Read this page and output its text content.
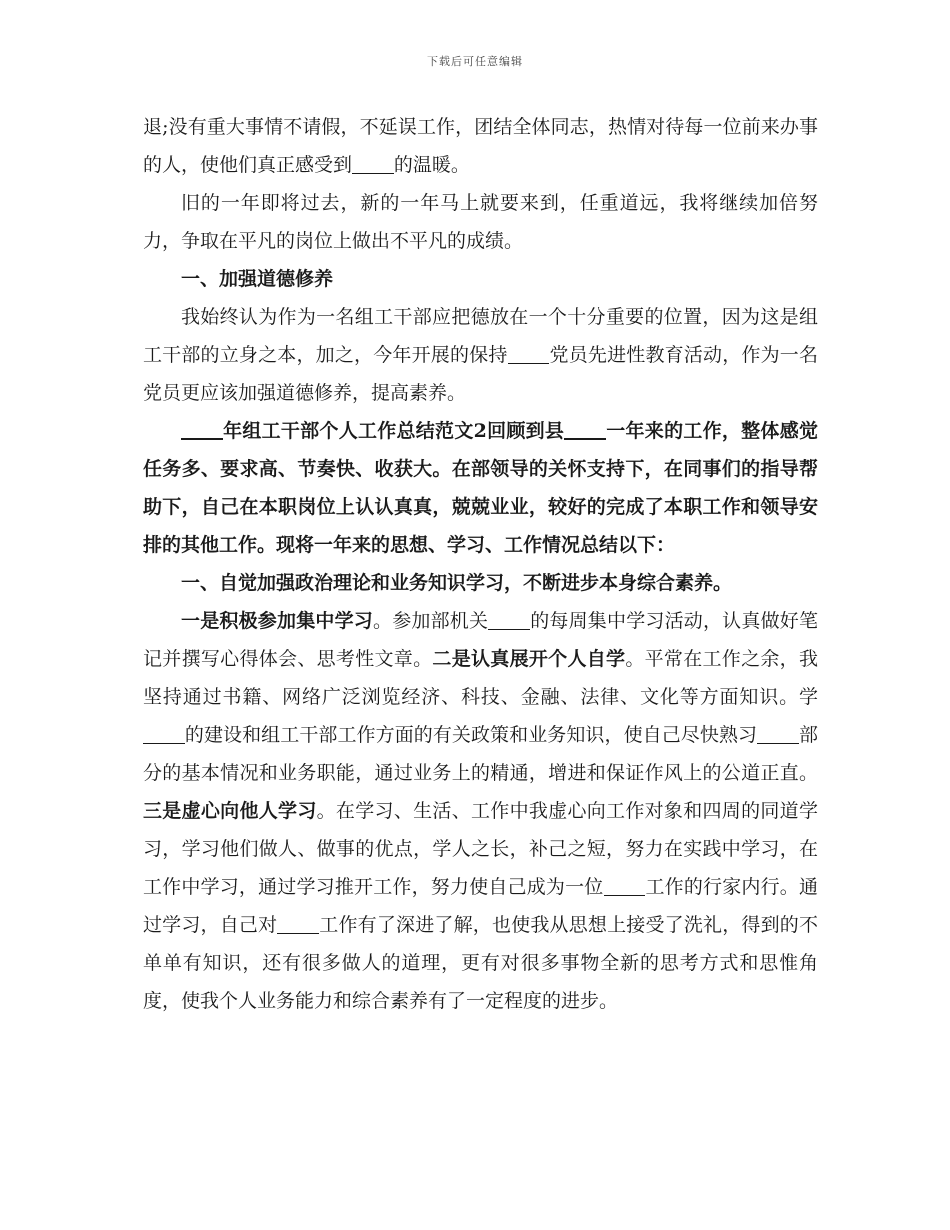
下载后可任意编辑

退;没有重大事情不请假，不延误工作，团结全体同志，热情对待每一位前来办事的人，使他们真正感受到 的温暖。

旧的一年即将过去，新的一年马上就要来到，任重道远，我将继续加倍努力，争取在平凡的岗位上做出不平凡的成绩。

一、加强道德修养

我始终认为作为一名组工干部应把德放在一个十分重要的位置，因为这是组工干部的立身之本，加之，今年开展的保持 党员先进性教育活动，作为一名党员更应该加强道德修养，提高素养。

年组工干部个人工作总结范文2回顾到县 一年来的工作，整体感觉任务多、要求高、节奏快、收获大。在部领导的关怀支持下，在同事们的指导帮助下，自己在本职岗位上认认真真，兢兢业业，较好的完成了本职工作和领导安排的其他工作。现将一年来的思想、学习、工作情况总结以下：

一、自觉加强政治理论和业务知识学习，不断进步本身综合素养。

一是积极参加集中学习。参加部机关 的每周集中学习活动，认真做好笔记并撰写心得体会、思考性文章。二是认真展开个人自学。平常在工作之余，我坚持通过书籍、网络广泛浏览经济、科技、金融、法律、文化等方面知识。学的建设和组工干部工作方面的有关政策和业务知识，使自己尽快熟习 部分的基本情况和业务职能，通过业务上的精通，增进和保证作风上的公道正直。三是虚心向他人学习。在学习、生活、工作中我虚心向工作对象和四周的同道学习，学习他们做人、做事的优点，学人之长，补己之短，努力在实践中学习，在工作中学习，通过学习推开工作，努力使自己成为一位 工作的行家内行。通过学习，自己对 工作有了深进了解，也使我从思想上接受了洗礼，得到的不单单有知识，还有很多做人的道理，更有对很多事物全新的思考方式和思惟角度，使我个人业务能力和综合素养有了一定程度的进步。
